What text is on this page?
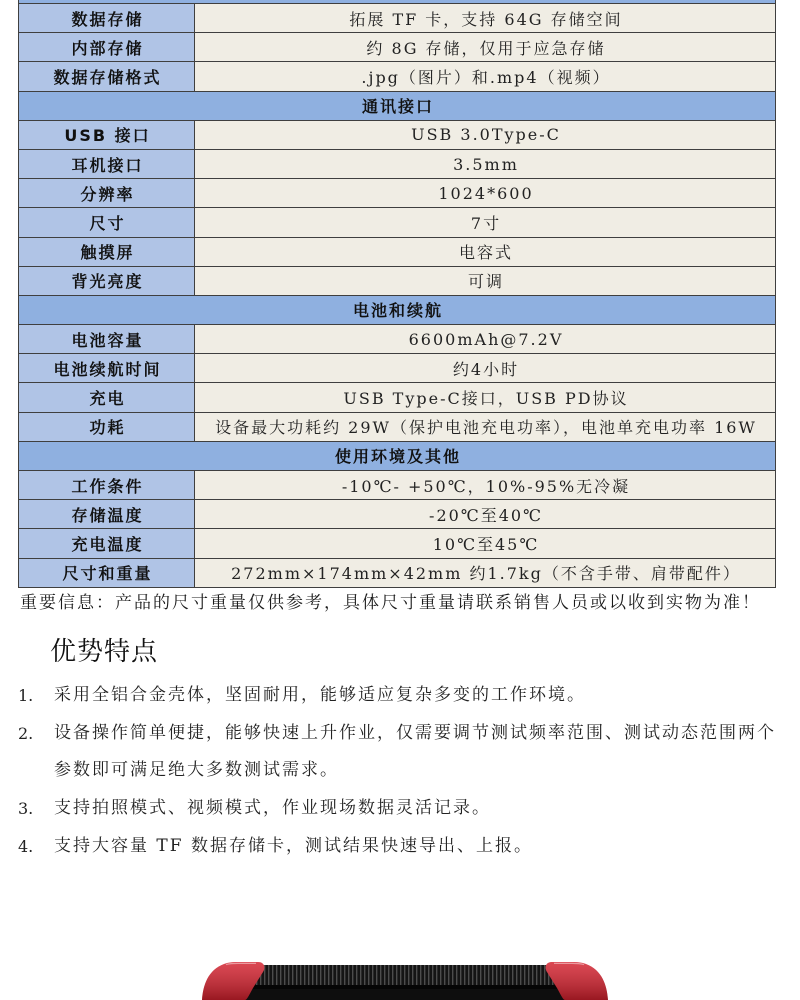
数据存储	拓展 TF 卡，支持 64G 存储空间
内部存储	约 8G 存储，仅用于应急存储
数据存储格式	.jpg（图片）和.mp4（视频）
通讯接口
USB 接口	USB 3.0Type-C
耳机接口	3.5mm
分辨率	1024*600
尺寸	7寸
触摸屏	电容式
背光亮度	可调
电池和续航
电池容量	6600mAh@7.2V
电池续航时间	约4小时
充电	USB Type-C接口，USB PD协议
功耗	设备最大功耗约 29W（保护电池充电功率），电池单充电功率 16W
使用环境及其他
工作条件	-10℃- +50℃，10%-95%无冷凝
存储温度	-20℃至40℃
充电温度	10℃至45℃
尺寸和重量	272mm×174mm×42mm 约1.7kg（不含手带、肩带配件）

重要信息：产品的尺寸重量仅供参考，具体尺寸重量请联系销售人员或以收到实物为准！

优势特点
1.	采用全铝合金壳体，坚固耐用，能够适应复杂多变的工作环境。
2.	设备操作简单便捷，能够快速上升作业，仅需要调节测试频率范围、测试动态范围两个参数即可满足绝大多数测试需求。
3.	支持拍照模式、视频模式，作业现场数据灵活记录。
4.	支持大容量 TF 数据存储卡，测试结果快速导出、上报。
